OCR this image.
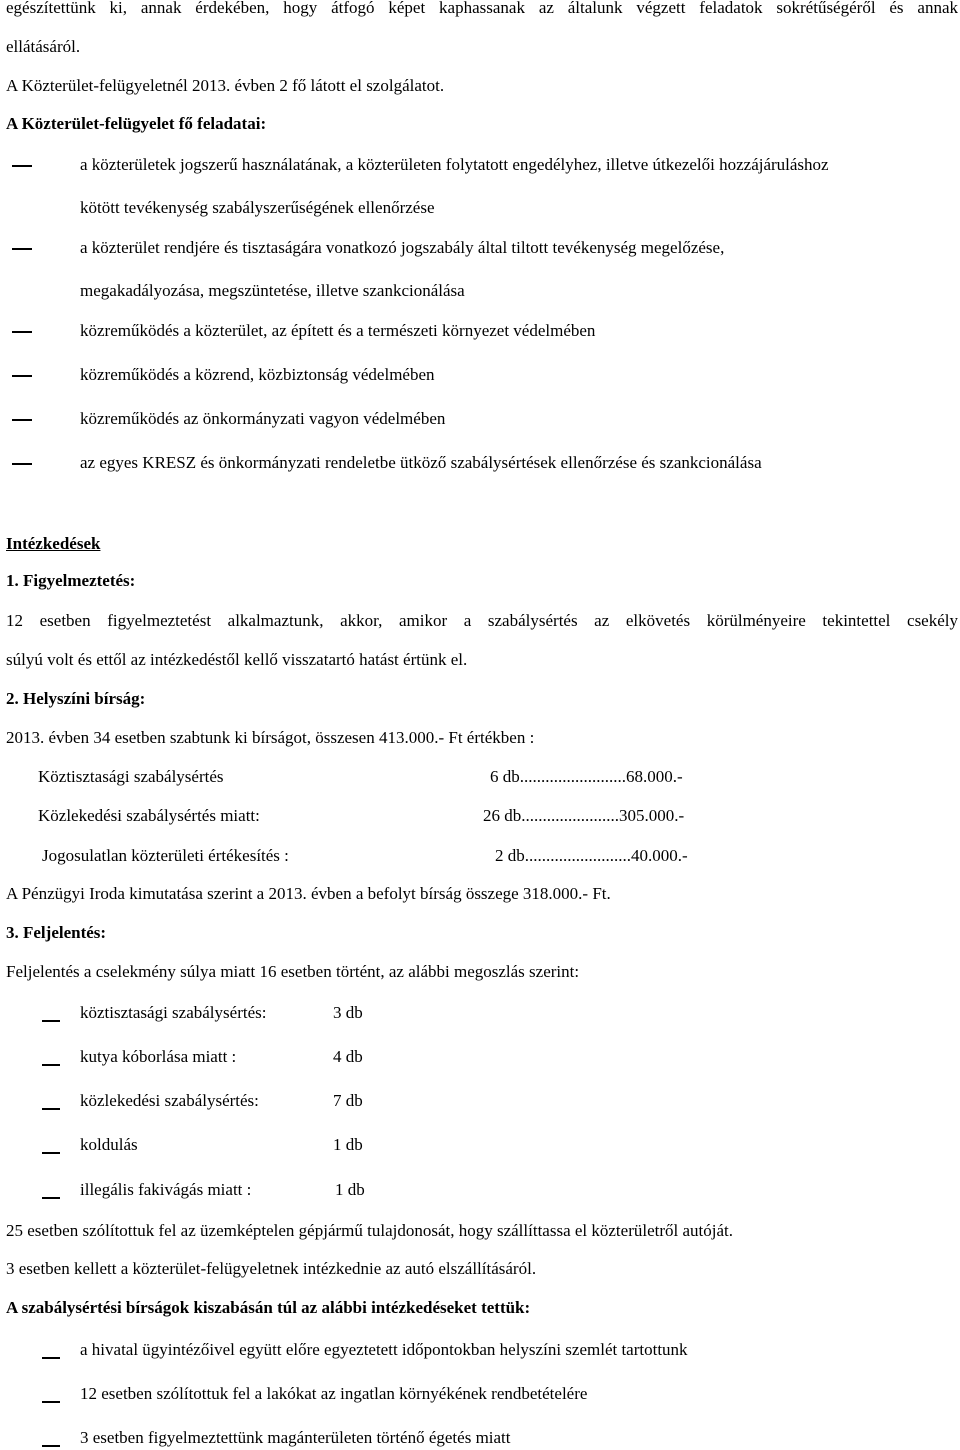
egészítettünk ki, annak érdekében, hogy átfogó képet kaphassanak az általunk végzett feladatok sokrétűségéről és annak
ellátásáról.
A Közterület-felügyeletnél 2013. évben 2 fő látott el szolgálatot.
A Közterület-felügyelet fő feladatai:
a közterületek jogszerű használatának, a közterületen folytatott engedélyhez, illetve útkezelői hozzájáruláshoz
kötött tevékenység szabályszerűségének ellenőrzése
a közterület rendjére és tisztaságára vonatkozó jogszabály által tiltott tevékenység megelőzése,
megakadályozása, megszüntetése, illetve szankcionálása
közreműködés a közterület, az épített és a természeti környezet védelmében
közreműködés a közrend, közbiztonság védelmében
közreműködés az önkormányzati vagyon védelmében
az egyes KRESZ és önkormányzati rendeletbe ütköző szabálysértések ellenőrzése és szankcionálása
Intézkedések
1. Figyelmeztetés:
12 esetben figyelmeztetést alkalmaztunk, akkor, amikor a szabálysértés az elkövetés körülményeire tekintettel csekély
súlyú volt és ettől az intézkedéstől kellő visszatartó hatást értünk el.
2. Helyszíni bírság:
2013. évben 34 esetben szabtunk ki bírságot, összesen 413.000.- Ft értékben :
Köztisztasági szabálysértés	6 db.........................68.000.-
Közlekedési szabálysértés miatt:	26 db.......................305.000.-
Jogosulatlan közterületi értékesítés :	2 db.........................40.000.-
A Pénzügyi Iroda kimutatása szerint a 2013. évben a befolyt bírság összege 318.000.- Ft.
3. Feljelentés:
Feljelentés a cselekmény súlya miatt 16 esetben történt, az alábbi megoszlás szerint:
köztisztasági szabálysértés:	3 db
kutya kóborlása miatt :	4 db
közlekedési szabálysértés:	7 db
koldulás	1 db
illegális fakivágás miatt :	1 db
25 esetben szólítottuk fel az üzemképtelen gépjármű tulajdonosát, hogy szállíttassa el közterületről autóját.
3 esetben kellett a közterület-felügyeletnek intézkednie az autó elszállításáról.
A szabálysértési bírságok kiszabásán túl az alábbi intézkedéseket tettük:
a hivatal ügyintézőivel együtt előre egyeztetett időpontokban helyszíni szemlét tartottunk
12 esetben szólítottuk fel a lakókat az ingatlan környékének rendbetételére
3 esetben figyelmeztettünk magánterületen történő égetés miatt
